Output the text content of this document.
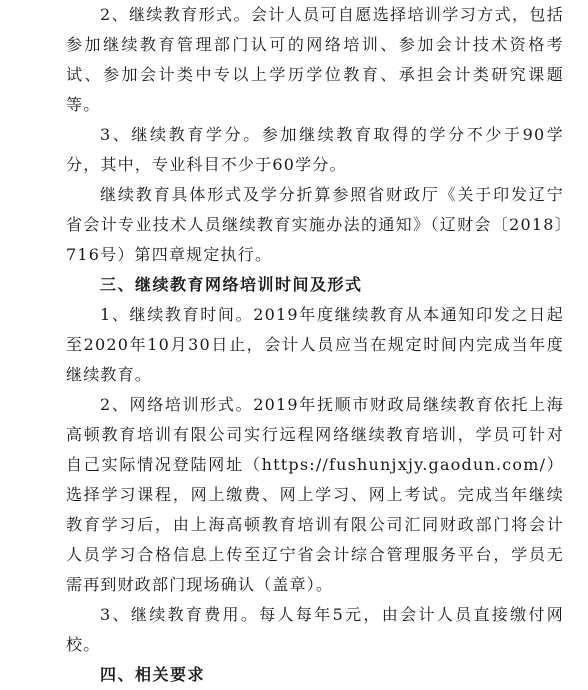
2、继续教育形式。会计人员可自愿选择培训学习方式，包括参加继续教育管理部门认可的网络培训、参加会计技术资格考试、参加会计类中专以上学历学位教育、承担会计类研究课题等。

3、继续教育学分。参加继续教育取得的学分不少于90学分，其中，专业科目不少于60学分。

继续教育具体形式及学分折算参照省财政厅《关于印发辽宁省会计专业技术人员继续教育实施办法的通知》（辽财会〔2018〕716号）第四章规定执行。

三、继续教育网络培训时间及形式

1、继续教育时间。2019年度继续教育从本通知印发之日起至2020年10月30日止，会计人员应当在规定时间内完成当年度继续教育。

2、网络培训形式。2019年抚顺市财政局继续教育依托上海高顿教育培训有限公司实行远程网络继续教育培训，学员可针对自己实际情况登陆网址（https://fushunjxjy.gaodun.com/）选择学习课程，网上缴费、网上学习、网上考试。完成当年继续教育学习后，由上海高顿教育培训有限公司汇同财政部门将会计人员学习合格信息上传至辽宁省会计综合管理服务平台，学员无需再到财政部门现场确认（盖章）。

3、继续教育费用。每人每年5元，由会计人员直接缴付网校。

四、相关要求
